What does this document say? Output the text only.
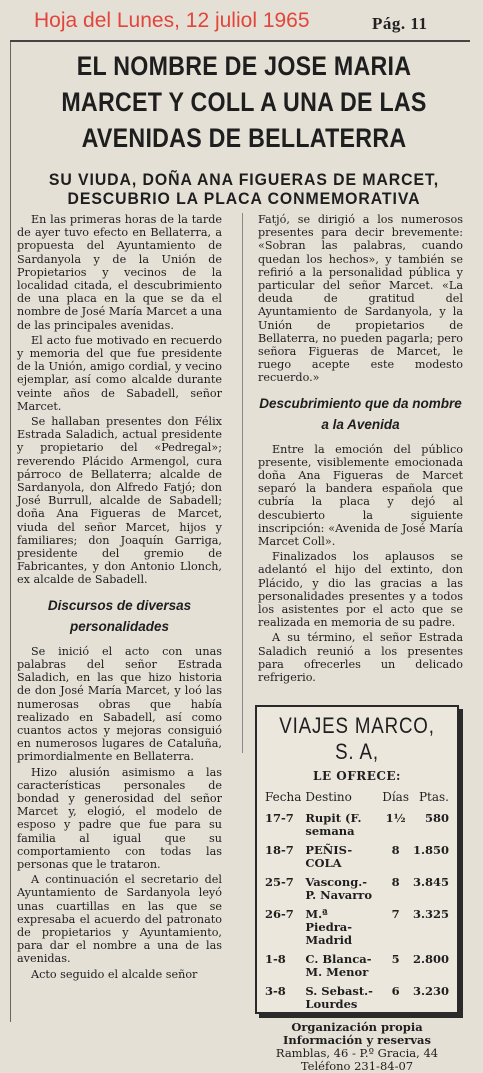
Hoja del Lunes, 12 juliol 1965	Pág. 11
EL NOMBRE DE JOSE MARIA MARCET Y COLL A UNA DE LAS AVENIDAS DE BELLATERRA
SU VIUDA, DOÑA ANA FIGUERAS DE MARCET, DESCUBRIO LA PLACA CONMEMORATIVA

En las primeras horas de la tarde de ayer tuvo efecto en Bellaterra, a propuesta del Ayuntamiento de Sardanyola y de la Unión de Propietarios y vecinos de la localidad citada, el descubrimiento de una placa en la que se da el nombre de José María Marcet a una de las principales avenidas.

El acto fue motivado en recuerdo y memoria del que fue presidente de la Unión, amigo cordial, y vecino ejemplar, así como alcalde durante veinte años de Sabadell, señor Marcet.

Se hallaban presentes don Félix Estrada Saladich, actual presidente y propietario del «Pedregal»; reverendo Plácido Armengol, cura párroco de Bellaterra; alcalde de Sardanyola, don Alfredo Fatjó; don José Burrull, alcalde de Sabadell; doña Ana Figueras de Marcet, viuda del señor Marcet, hijos y familiares; don Joaquín Garriga, presidente del gremio de Fabricantes, y don Antonio Llonch, ex alcalde de Sabadell.

Discursos de diversas personalidades

Se inició el acto con unas palabras del señor Estrada Saladich, en las que hizo historia de don José María Marcet, y loó las numerosas obras que había realizado en Sabadell, así como cuantos actos y mejoras consiguió en numerosos lugares de Cataluña, primordialmente en Bellaterra.

Hizo alusión asimismo a las características personales de bondad y generosidad del señor Marcet y, elogió, el modelo de esposo y padre que fue para su familia al igual que su comportamiento con todas las personas que le trataron.

A continuación el secretario del Ayuntamiento de Sardanyola leyó unas cuartillas en las que se expresaba el acuerdo del patronato de propietarios y Ayuntamiento, para dar el nombre a una de las avenidas.

Acto seguido el alcalde señor

Fatjó, se dirigió a los numerosos presentes para decir brevemente: «Sobran las palabras, cuando quedan los hechos», y también se refirió a la personalidad pública y particular del señor Marcet. «La deuda de gratitud del Ayuntamiento de Sardanyola, y la Unión de propietarios de Bellaterra, no pueden pagarla; pero señora Figueras de Marcet, le ruego acepte este modesto recuerdo.»

Descubrimiento que da nombre a la Avenida

Entre la emoción del público presente, visiblemente emocionada doña Ana Figueras de Marcet separó la bandera española que cubría la placa y dejó al descubierto la siguiente inscripción: «Avenida de José María Marcet Coll».

Finalizados los aplausos se adelantó el hijo del extinto, don Plácido, y dio las gracias a las personalidades presentes y a todos los asistentes por el acto que se realizada en memoria de su padre.

A su término, el señor Estrada Saladich reunió a los presentes para ofrecerles un delicado refrigerio.

VIAJES MARCO, S. A,
LE OFRECE:
Fecha	Destino	Días	Ptas.
17-7	Rupit (F. semana	1½	580
18-7	PEÑIS- COLA	8	1.850
25-7	Vascong.- P. Navarro	8	3.845
26-7	M.ª Piedra- Madrid	7	3.325
1-8	C. Blanca- M. Menor	5	2.800
3-8	S. Sebast.- Lourdes	6	3.230
Organización propia
Información y reservas
Ramblas, 46 - P.º Gracia, 44
Teléfono 231-84-07
